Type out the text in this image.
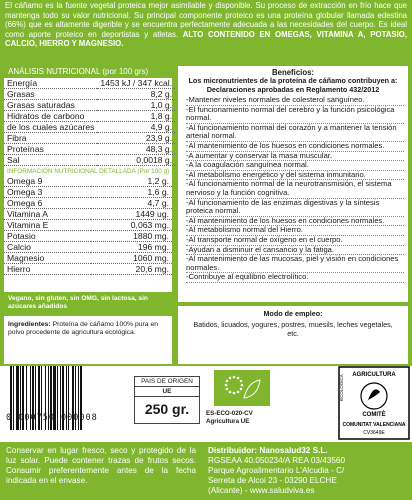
El cáñamo es la fuente vegetal proteica mejor asimilable y disponible. Su proceso de extracción en frío hace que mantenga todo su valor nutricional. Su principal componente proteico es una proteína globular llamada edestina (66%) que es altamente digerible y se encuentra perfectamente adecuada a las necesidades del cuerpo. Es ideal como aporte proteico en deportistas y atletas. ALTO CONTENIDO EN OMEGAS, VITAMINA A, POTASIO, CALCIO, HIERRO Y MAGNESIO.
ANÁLISIS NUTRICIONAL (por 100 grs)
Energía	1453 kJ / 347 kcal.
Grasas	8,2 g.
Grasas saturadas	1,0 g.
Hidratos de carbono	1,8 g.
de los cuales azúcares	4,9 g.
Fibra	23,9 g.
Proteínas	48,3 g.
Sal	0,0018 g.
INFORMACIÓN NUTRICIONAL DETALLADA (Por 100 g)
Omega 9	1,2 g.
Omega 3	1,6 g.
Omega 6	4,7 g.
Vitamina A	1449 ug.
Vitamina E	0,063 mg.
Potasio	1880 mg.
Calcio	196 mg.
Magnesio	1060 mg.
Hierro	20,6 mg.
Vegano, sin gluten, sin OMG, sin lactosa, sin azúcares añadidos
Ingredientes: Proteína de cáñamo 100% pura en polvo procedente de agricultura ecológica.
Beneficios:
Los micronutrientes de la proteína de cáñamo contribuyen a:
Declaraciones aprobadas en Reglamento 432/2012
-Mantener niveles normales de colesterol sanguíneo.
-El funcionamiento normal del cerebro y la función psicológica normal.
-Al funcionamiento normal del corazón y a mantener la tensión arterial normal.
-Al mantenimiento de los huesos en condiciones normales.
-A aumentar y conservar la masa muscular.
-A la coagulación sanguínea normal.
-Al metabolismo energético y del sistema inmunitario.
-Al funcionamiento normal de la neurotransmisión, el sistema nervioso y la función cognitiva.
-Al funcionamiento de las enzimas digestivas y la síntesis proteica normal.
-Al mantenimiento de los huesos en condiciones normales.
-Al metabolismo normal del Hierro.
-Al transporte normal de oxígeno en el cuerpo.
-Ayudan a disminuir el cansancio y la fatiga.
-Al mantenimiento de las mucosas, piel y visión en condiciones normales.
-Contribuye al equilibrio electrolítico.
Modo de empleo:
Batidos, licuados, yogures, postres, muesils, leches vegetales, etc.
0 000750 000008
PAIS DE ORIGEN
UE
250 gr.	ES-ECO-020-CV
Agricultura UE
AGRICULTURA
ECOLÒGICA
COMITÈ
COMUNITAT VALENCIANA
CV3649E
Conservar en lugar fresco, seco y protegido de la luz solar. Puede contener trazas de frutos secos. Consumir preferentemente antes de la fecha indicada en el envase.
Distribuidor: Nanosalud32 S.L.
RGSEAA 40.050234/A REA 03/43560
Parque Agroalimentario L'Alcudia - C/
Serreta de Alcoi 23 - 03290 ELCHE
(Alicante) - www.saludviva.es
